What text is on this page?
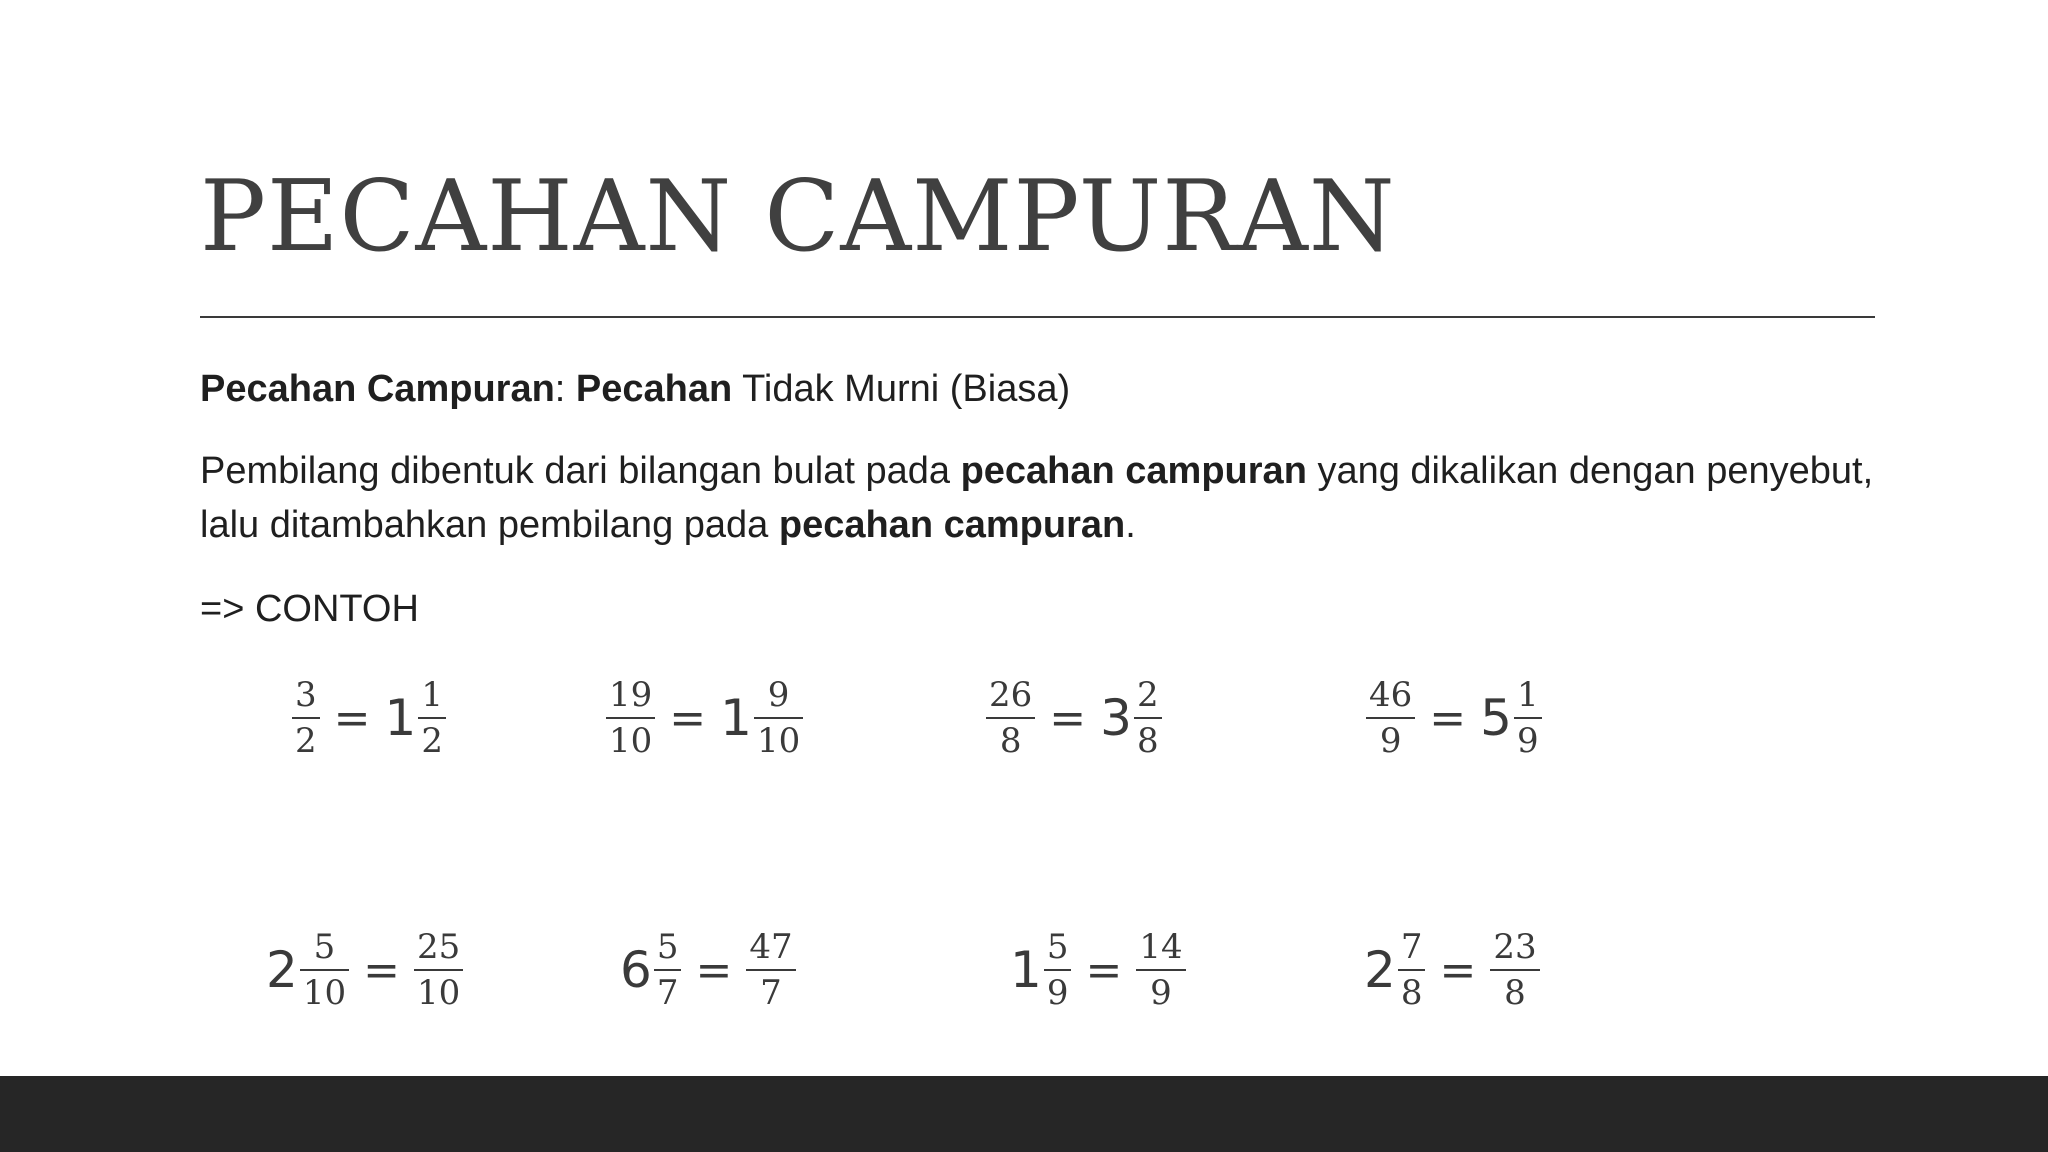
PECAHAN CAMPURAN
Pecahan Campuran: Pecahan Tidak Murni (Biasa)
Pembilang dibentuk dari bilangan bulat pada pecahan campuran yang dikalikan dengan penyebut, lalu ditambahkan pembilang pada pecahan campuran.
=> CONTOH
$\frac{3}{2} = 1 \frac{1}{2}$	$\frac{19}{10} = 1 \frac{9}{10}$	$\frac{26}{8} = 3 \frac{2}{8}$	$\frac{46}{9} = 5 \frac{1}{9}$
$2 \frac{5}{10} = \frac{25}{10}$	$6 \frac{5}{7} = \frac{47}{7}$	$1 \frac{5}{9} = \frac{14}{9}$	$2 \frac{7}{8} = \frac{23}{8}$
